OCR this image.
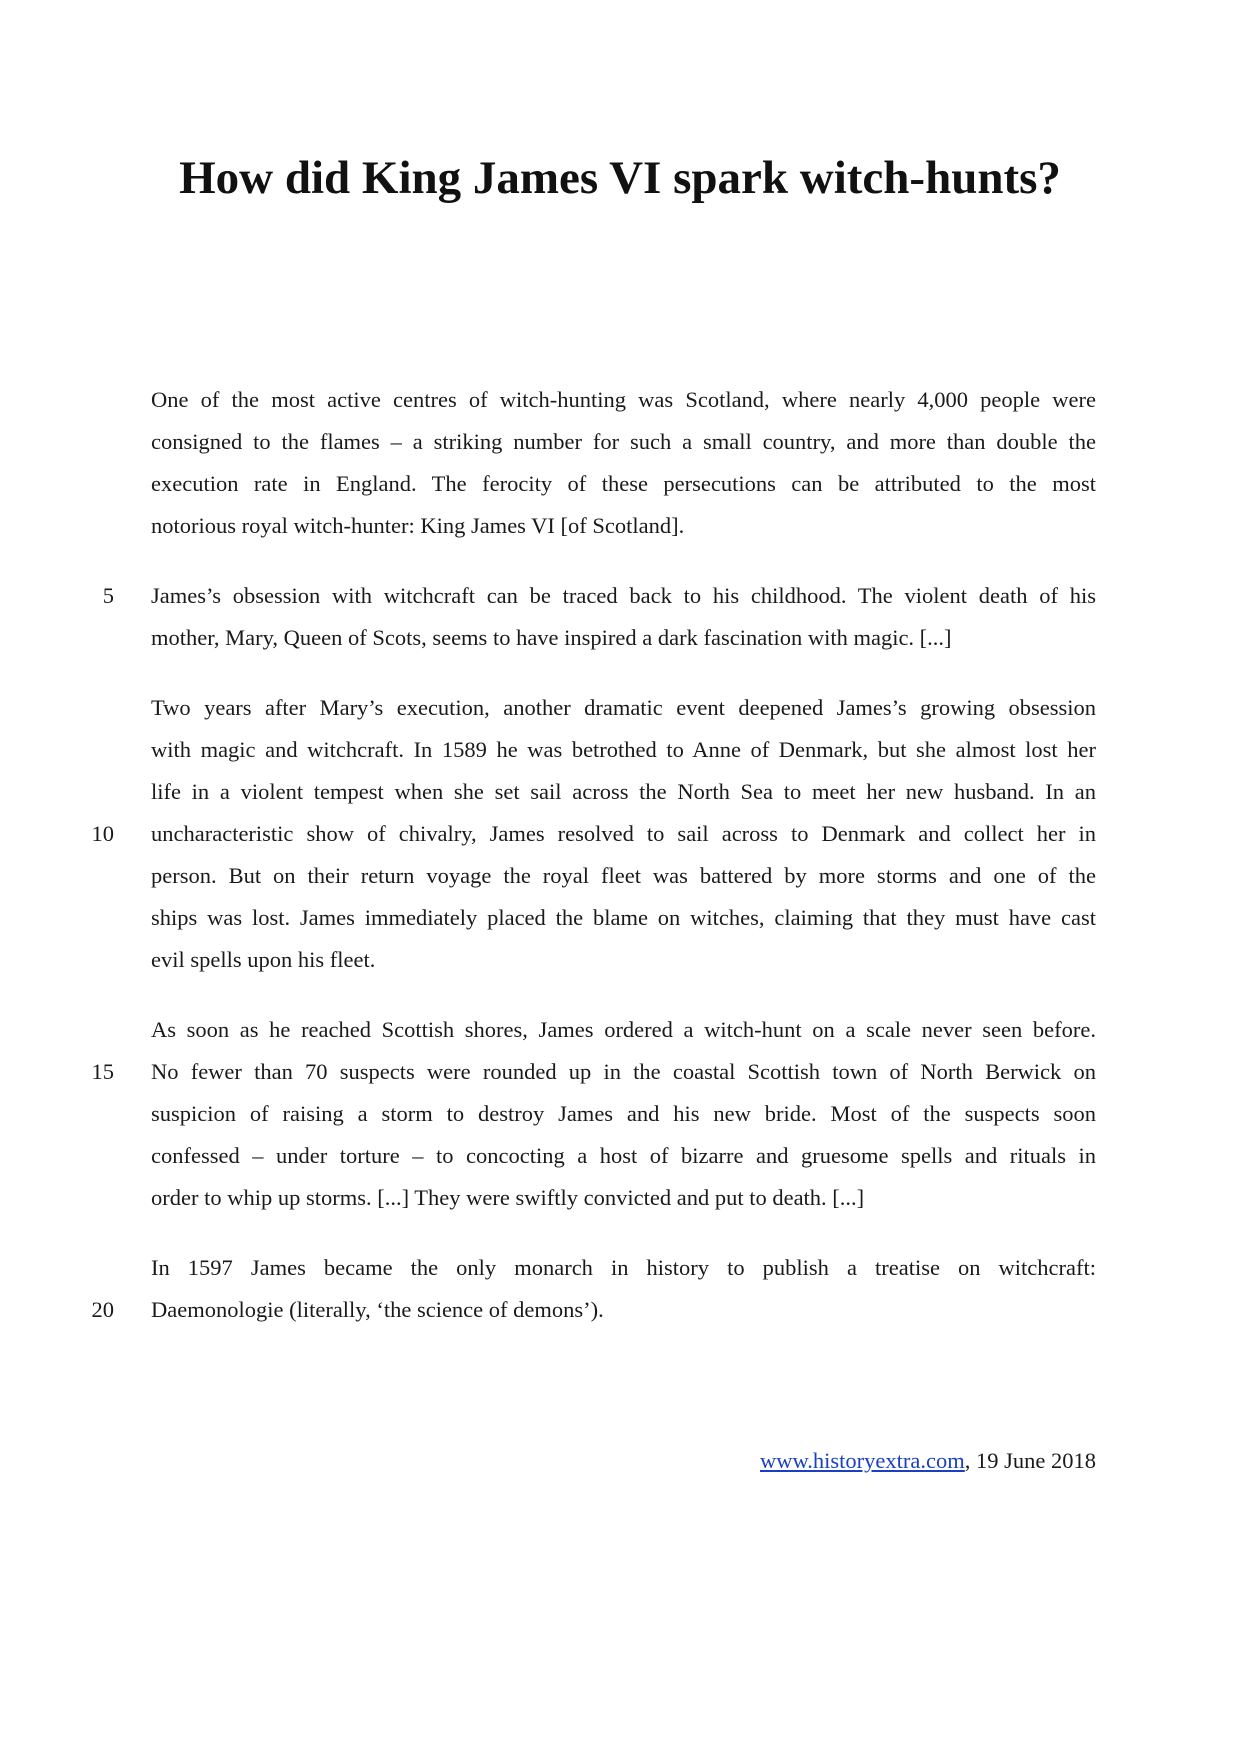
How did King James VI spark witch-hunts?
One of the most active centres of witch-hunting was Scotland, where nearly 4,000 people were
consigned to the flames – a striking number for such a small country, and more than double the
execution rate in England. The ferocity of these persecutions can be attributed to the most
notorious royal witch-hunter: King James VI [of Scotland].
5 James’s obsession with witchcraft can be traced back to his childhood. The violent death of his
mother, Mary, Queen of Scots, seems to have inspired a dark fascination with magic. [...]
Two years after Mary’s execution, another dramatic event deepened James’s growing obsession
with magic and witchcraft. In 1589 he was betrothed to Anne of Denmark, but she almost lost her
life in a violent tempest when she set sail across the North Sea to meet her new husband. In an
10 uncharacteristic show of chivalry, James resolved to sail across to Denmark and collect her in
person. But on their return voyage the royal fleet was battered by more storms and one of the
ships was lost. James immediately placed the blame on witches, claiming that they must have cast
evil spells upon his fleet.
As soon as he reached Scottish shores, James ordered a witch-hunt on a scale never seen before.
15 No fewer than 70 suspects were rounded up in the coastal Scottish town of North Berwick on
suspicion of raising a storm to destroy James and his new bride. Most of the suspects soon
confessed – under torture – to concocting a host of bizarre and gruesome spells and rituals in
order to whip up storms. [...] They were swiftly convicted and put to death. [...]
In 1597 James became the only monarch in history to publish a treatise on witchcraft:
20 Daemonologie (literally, ‘the science of demons’).
www.historyextra.com, 19 June 2018
